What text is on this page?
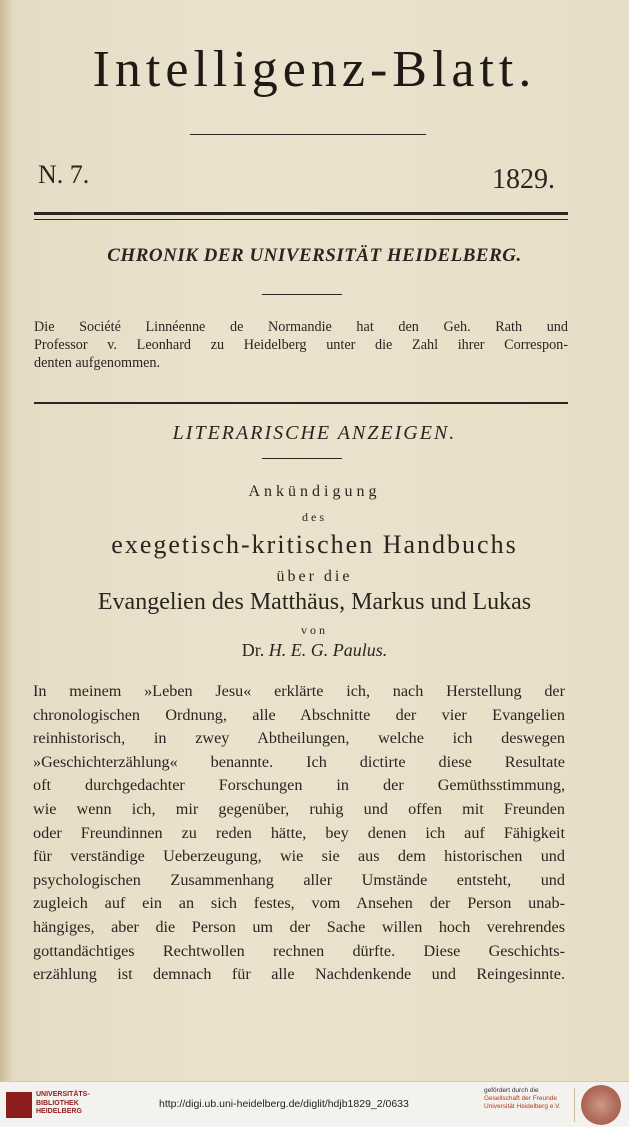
Intelligenz-Blatt.
N. 7.	1829.
CHRONIK DER UNIVERSITÄT HEIDELBERG.
Die Société Linnéenne de Normandie hat den Geh. Rath und
Professor v. Leonhard zu Heidelberg unter die Zahl ihrer Correspon-
denten aufgenommen.
LITERARISCHE ANZEIGEN.
Ankündigung
des
exegetisch-kritischen Handbuchs
über die
Evangelien des Matthäus, Markus und Lukas
von
Dr. H. E. G. Paulus.
In meinem »Leben Jesu« erklärte ich, nach Herstellung der
chronologischen Ordnung, alle Abschnitte der vier Evangelien
reinhistorisch, in zwey Abtheilungen, welche ich deswegen
»Geschichterzählung« benannte. Ich dictirte diese Resultate
oft durchgedachter Forschungen in der Gemüthsstimmung,
wie wenn ich, mir gegenüber, ruhig und offen mit Freunden
oder Freundinnen zu reden hätte, bey denen ich auf Fähigkeit
für verständige Ueberzeugung, wie sie aus dem historischen und
psychologischen Zusammenhang aller Umstände entsteht, und
zugleich auf ein an sich festes, vom Ansehen der Person unab-
hängiges, aber die Person um der Sache willen hoch verehrendes
gottandächtiges Rechtwollen rechnen dürfte. Diese Geschichts-
erzählung ist demnach für alle Nachdenkende und Reingesinnte.
UNIVERSITÄTS-
BIBLIOTHEK
HEIDELBERG
http://digi.ub.uni-heidelberg.de/diglit/hdjb1829_2/0633
gefördert durch die
Gesellschaft der Freunde
Universität Heidelberg e.V.
